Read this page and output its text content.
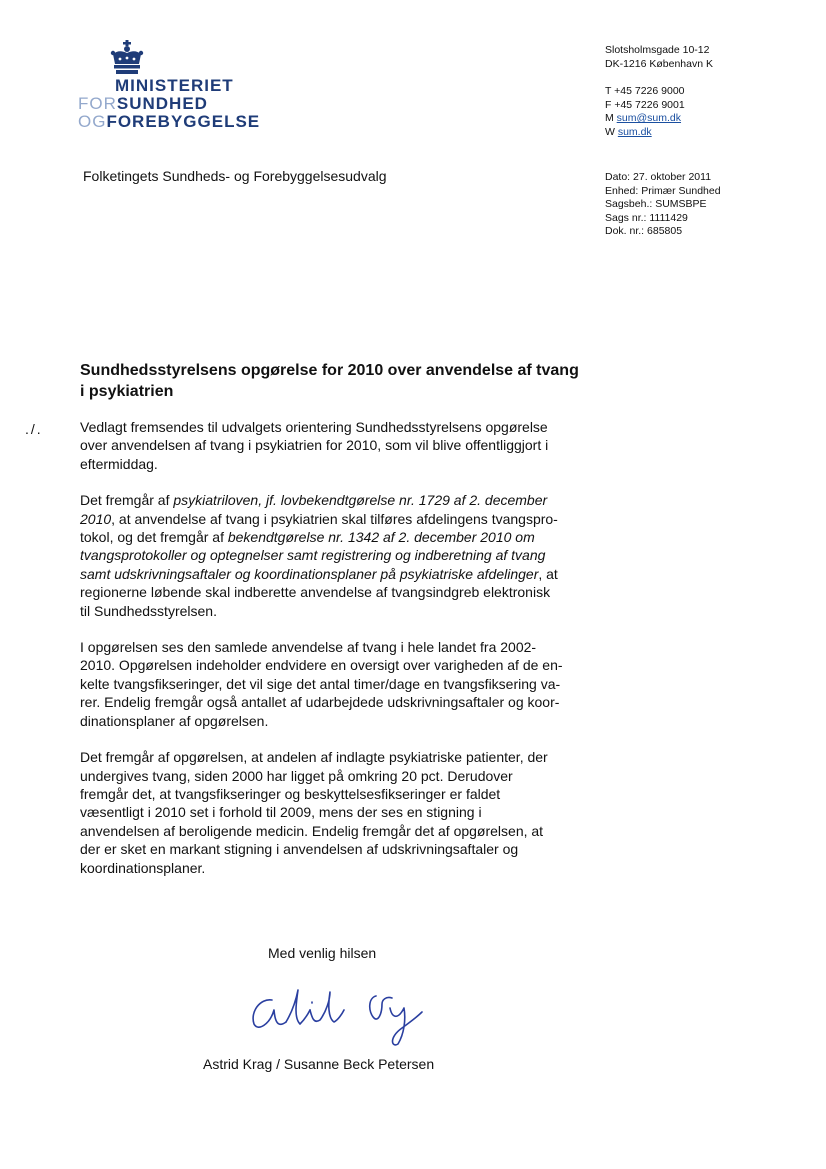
MINISTERIET
FORSUNDHED
OGFOREBYGGELSE
Slotsholmsgade 10-12
DK-1216 København K
T +45 7226 9000
F +45 7226 9001
M sum@sum.dk
W sum.dk
Folketingets Sundheds- og Forebyggelsesudvalg	Dato: 27. oktober 2011
Enhed: Primær Sundhed
Sagsbeh.: SUMSBPE
Sags nr.: 1111429
Dok. nr.: 685805
Sundhedsstyrelsens opgørelse for 2010 over anvendelse af tvang i psykiatrien
./.	Vedlagt fremsendes til udvalgets orientering Sundhedsstyrelsens opgørelse over anvendelsen af tvang i psykiatrien for 2010, som vil blive offentliggjort i eftermiddag.

Det fremgår af psykiatriloven, jf. lovbekendtgørelse nr. 1729 af 2. december 2010, at anvendelse af tvang i psykiatrien skal tilføres afdelingens tvangspro-tokol, og det fremgår af bekendtgørelse nr. 1342 af 2. december 2010 om tvangsprotokoller og optegnelser samt registrering og indberetning af tvang samt udskrivningsaftaler og koordinationsplaner på psykiatriske afdelinger, at regionerne løbende skal indberette anvendelse af tvangsindgreb elektronisk til Sundhedsstyrelsen.

I opgørelsen ses den samlede anvendelse af tvang i hele landet fra 2002-2010. Opgørelsen indeholder endvidere en oversigt over varigheden af de en-kelte tvangsfikseringer, det vil sige det antal timer/dage en tvangsfiksering va-rer. Endelig fremgår også antallet af udarbejdede udskrivningsaftaler og koor-dinationsplaner af opgørelsen.

Det fremgår af opgørelsen, at andelen af indlagte psykiatriske patienter, der undergives tvang, siden 2000 har ligget på omkring 20 pct. Derudover fremgår det, at tvangsfikseringer og beskyttelsesfikseringer er faldet væsentligt i 2010 set i forhold til 2009, mens der ses en stigning i anvendelsen af beroligende medicin. Endelig fremgår det af opgørelsen, at der er sket en markant stigning i anvendelsen af udskrivningsaftaler og koordinationsplaner.

Med venlig hilsen
Astrid Krag / Susanne Beck Petersen
